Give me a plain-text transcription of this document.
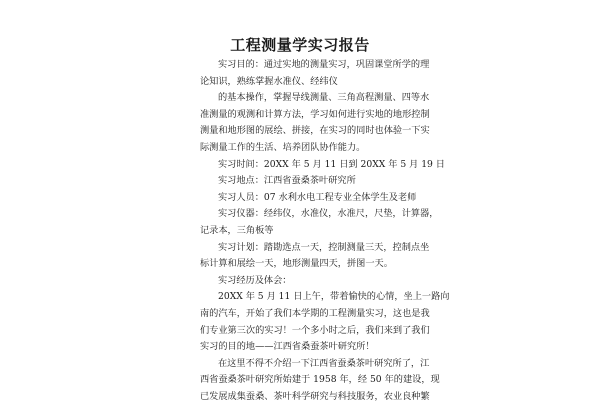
工程测量学实习报告
实习目的：通过实地的测量实习，巩固课堂所学的理
论知识，熟练掌握水准仪、经纬仪
的基本操作，掌握导线测量、三角高程测量、四等水
准测量的观测和计算方法，学习如何进行实地的地形控制
测量和地形图的展绘、拼接，在实习的同时也体验一下实
际测量工作的生活、培养团队协作能力。
实习时间：20XX 年 5 月 11 日到 20XX 年 5 月 19 日
实习地点：江西省蚕桑茶叶研究所
实习人员：07 水利水电工程专业全体学生及老师
实习仪器：经纬仪，水准仪，水准尺，尺垫，计算器，
记录本，三角板等
实习计划：踏勘选点一天，控制测量三天，控制点坐
标计算和展绘一天，地形测量四天，拼图一天。
实习经历及体会：
20XX 年 5 月 11 日上午，带着愉快的心情，坐上一路向
南的汽车，开始了我们本学期的工程测量实习，这也是我
们专业第三次的实习！一个多小时之后，我们来到了我们
实习的目的地——江西省桑蚕茶叶研究所！
在这里不得不介绍一下江西省蚕桑茶叶研究所了，江
西省蚕桑茶叶研究所始建于 1958 年，经 50 年的建设，现
已发展成集蚕桑、茶叶科学研究与科技服务，农业良种繁
